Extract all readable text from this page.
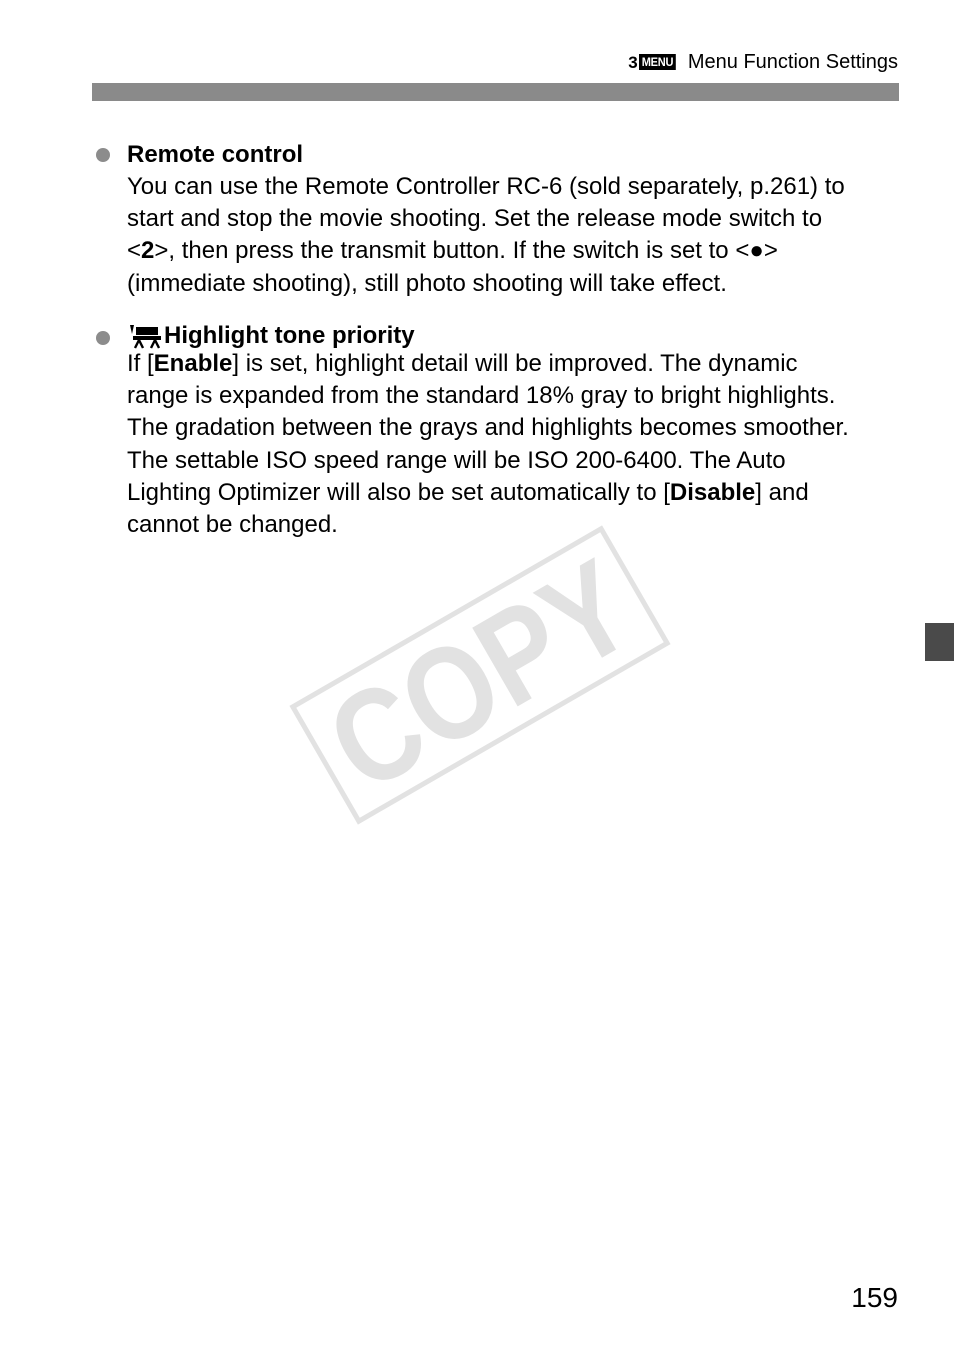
3 MENU Menu Function Settings
Remote control

You can use the Remote Controller RC-6 (sold separately, p.261) to

start and stop the movie shooting. Set the release mode switch to

<2>, then press the transmit button. If the switch is set to <●>

(immediate shooting), still photo shooting will take effect.

Highlight tone priority

If [Enable] is set, highlight detail will be improved. The dynamic

range is expanded from the standard 18% gray to bright highlights.

The gradation between the grays and highlights becomes smoother.

The settable ISO speed range will be ISO 200-6400. The Auto

Lighting Optimizer will also be set automatically to [Disable] and

cannot be changed.

COPY
159
